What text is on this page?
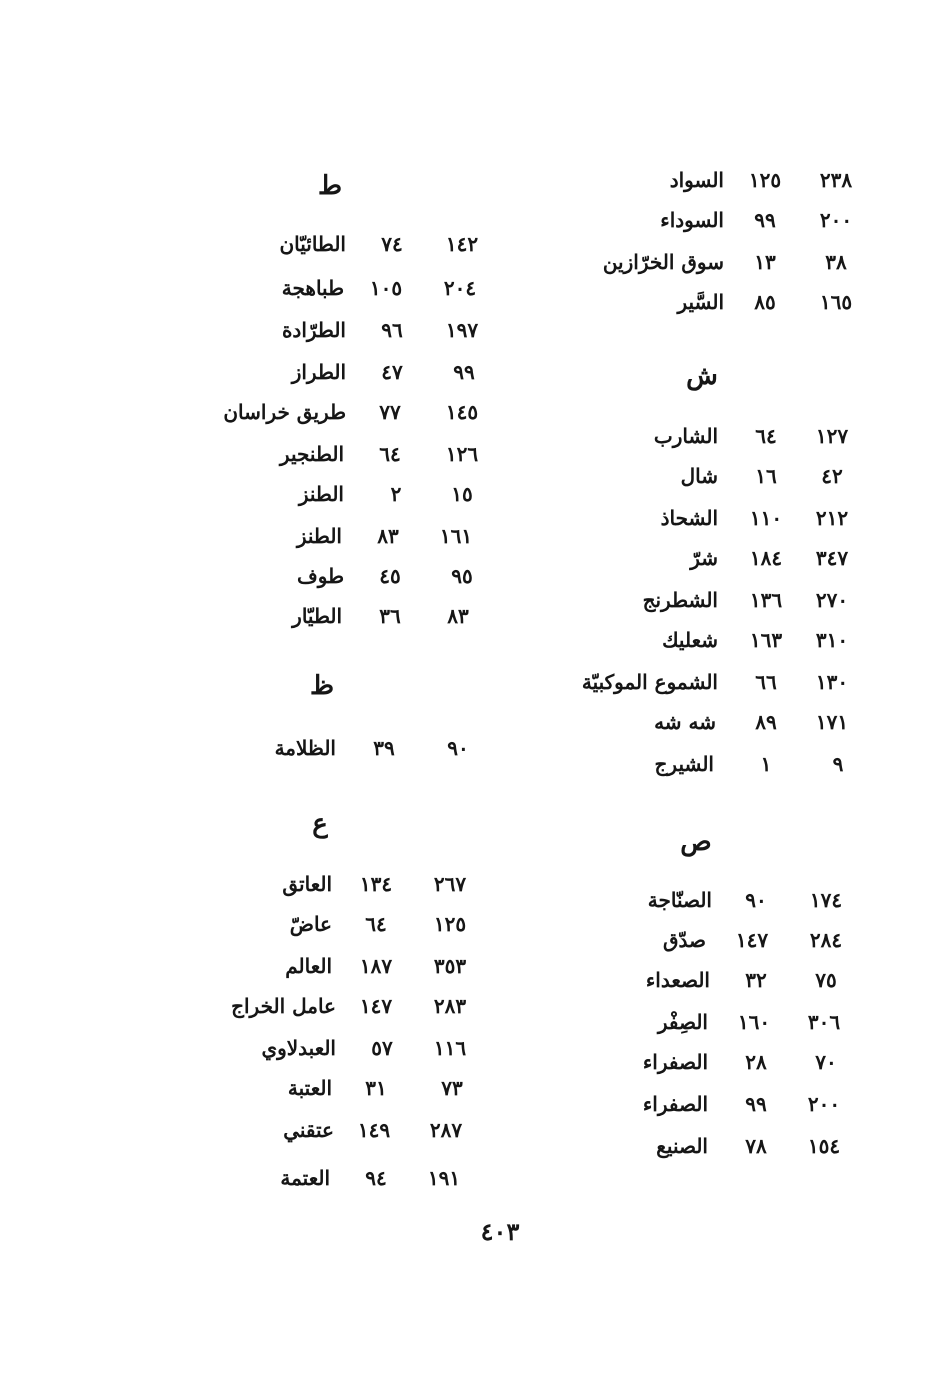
السواد	١٢٥	٢٣٨
السوداء	٩٩	٢٠٠
سوق الخرّازين	١٣	٣٨
السَّير	٨٥	١٦٥
ش
الشارب	٦٤	١٢٧
شال	١٦	٤٢
الشحاذ	١١٠	٢١٢
شرّ	١٨٤	٣٤٧
الشطرنج	١٣٦	٢٧٠
شعليك	١٦٣	٣١٠
الشموع الموكبيّة	٦٦	١٣٠
شه شه	٨٩	١٧١
الشيرج	١	٩
ص
الصنّاجة	٩٠	١٧٤
صدّق	١٤٧	٢٨٤
الصعداء	٣٢	٧٥
الصِفْر	١٦٠	٣٠٦
الصفراء	٢٨	٧٠
الصفراء	٩٩	٢٠٠
الصنيع	٧٨	١٥٤
ط
الطائيّان	٧٤	١٤٢
طباهجة	١٠٥	٢٠٤
الطرّادة	٩٦	١٩٧
الطراز	٤٧	٩٩
طريق خراسان	٧٧	١٤٥
الطنجير	٦٤	١٢٦
الطنز	٢	١٥
الطنز	٨٣	١٦١
طوف	٤٥	٩٥
الطيّار	٣٦	٨٣
ظ
الظلامة	٣٩	٩٠
ع
العاتق	١٣٤	٢٦٧
عاضّ	٦٤	١٢٥
العالم	١٨٧	٣٥٣
عامل الخراج	١٤٧	٢٨٣
العبدلاوي	٥٧	١١٦
العتبة	٣١	٧٣
عتقني	١٤٩	٢٨٧
العتمة	٩٤	١٩١
٤٠٣
